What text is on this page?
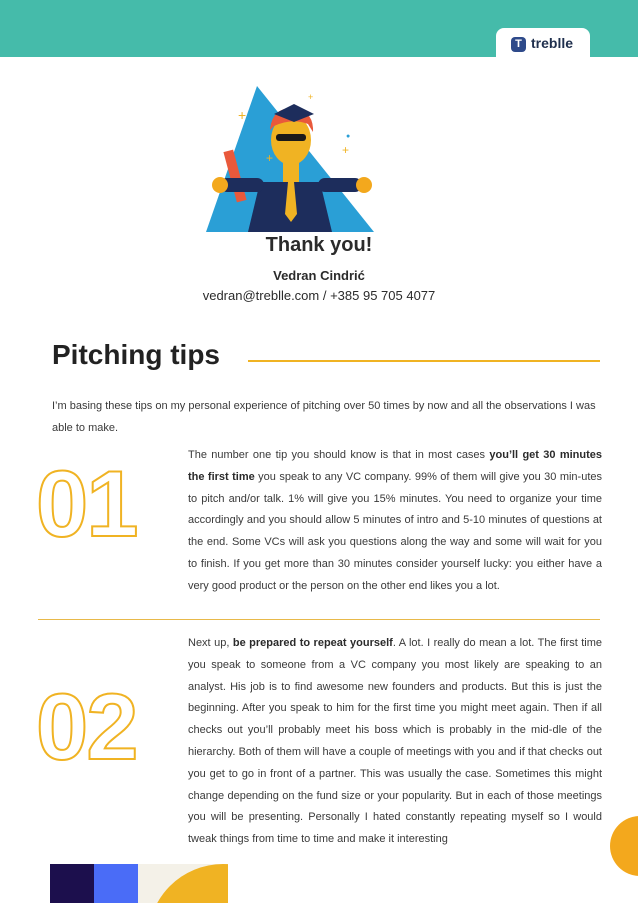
T treblle
+
+
+
+
●
Thank you!
Vedran Cindrić
vedran@treblle.com / +385 95 705 4077
Pitching tips
I’m basing these tips on my personal experience of pitching over 50 times by now and all the observations I was able to make.
01	The number one tip you should know is that in most cases you’ll get 30 minutes the first time you speak to any VC company. 99% of them will give you 30 min-utes to pitch and/or talk. 1% will give you 15% minutes. You need to organize your time accordingly and you should allow 5 minutes of intro and 5-10 minutes of questions at the end. Some VCs will ask you questions along the way and some will wait for you to finish. If you get more than 30 minutes consider yourself lucky: you either have a very good product or the person on the other end likes you a lot.
02
Next up, be prepared to repeat yourself. A lot. I really do mean a lot. The first time you speak to someone from a VC company you most likely are speaking to an analyst. His job is to find awesome new founders and products. But this is just the beginning. After you speak to him for the first time you might meet again. Then if all checks out you’ll probably meet his boss which is probably in the mid-dle of the hierarchy. Both of them will have a couple of meetings with you and if that checks out you get to go in front of a partner. This was usually the case. Sometimes this might change depending on the fund size or your popularity. But in each of those meetings you will be presenting. Personally I hated constantly repeating myself so I would tweak things from time to time and make it interesting
